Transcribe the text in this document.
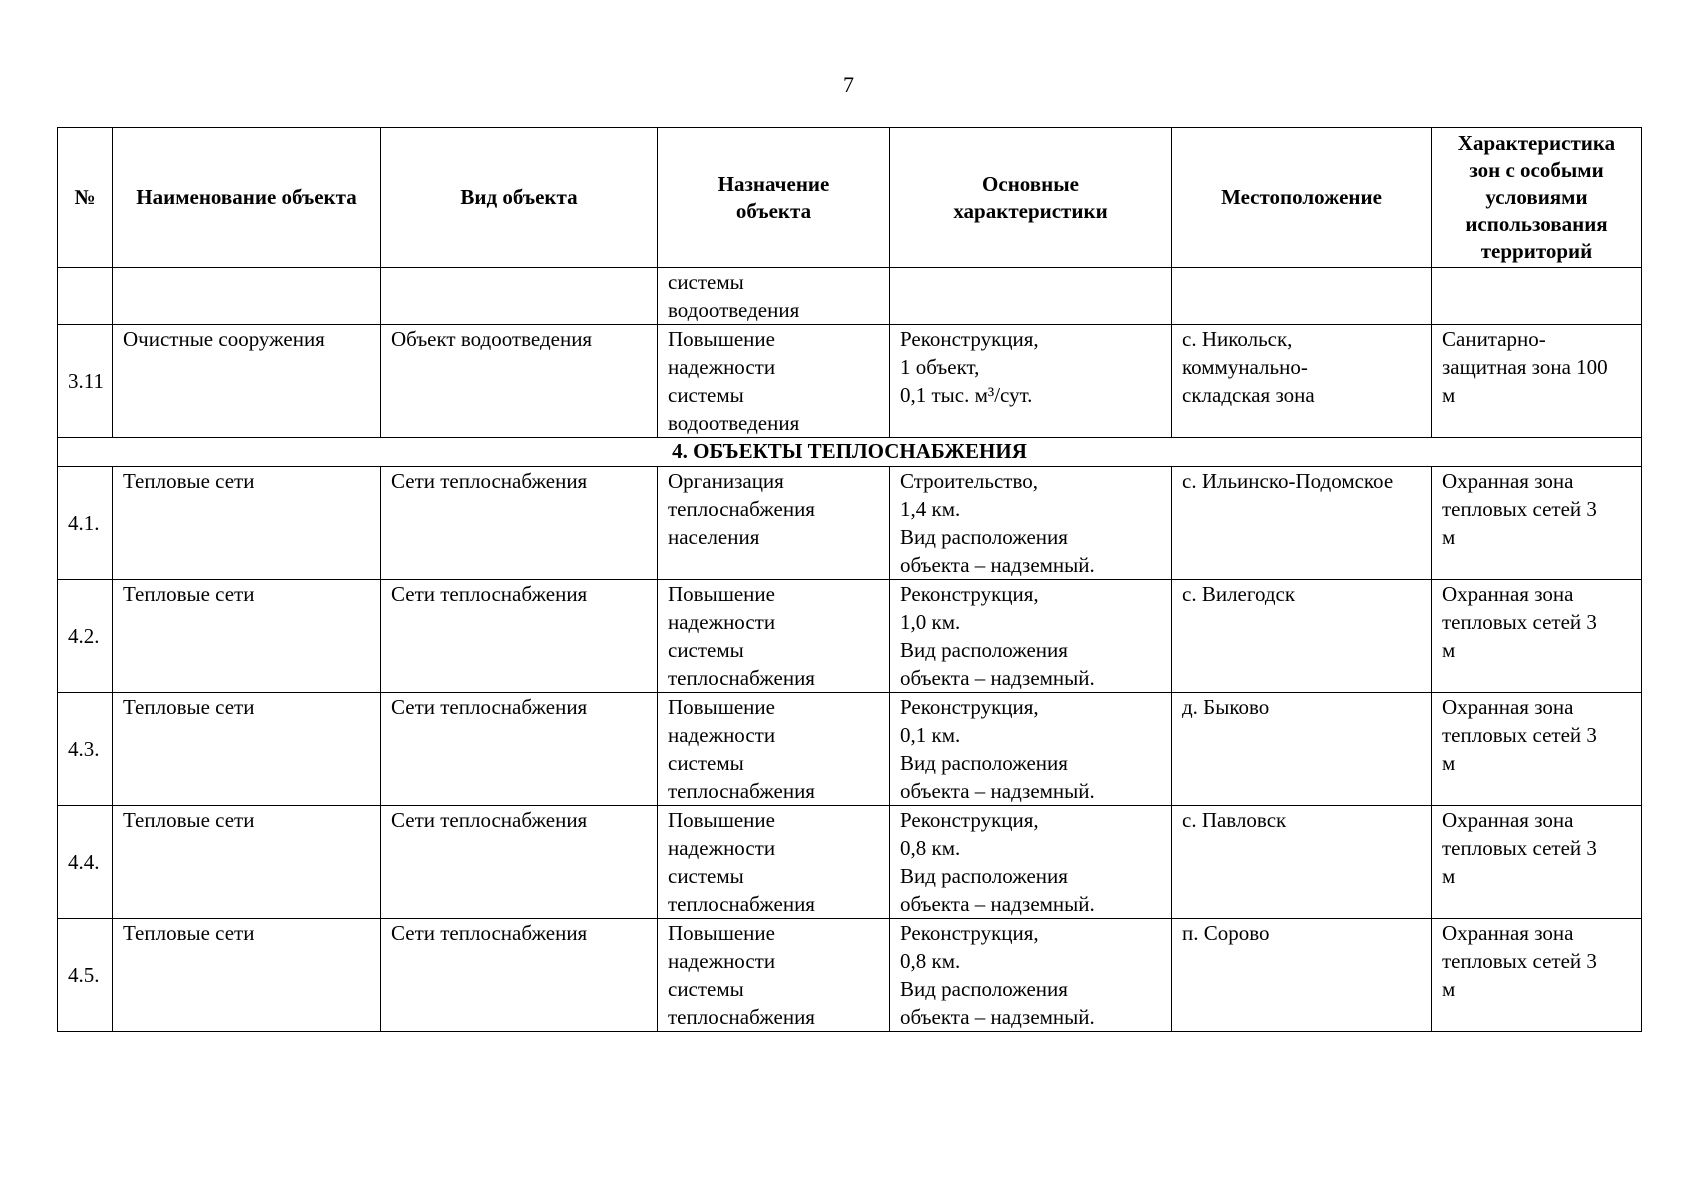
7
№	Наименование объекта	Вид объекта	Назначение
объекта	Основные
характеристики	Местоположение	Характеристика
зон с особыми
условиями
использования
территорий

			системы
водоотведения			

3.11	Очистные сооружения	Объект водоотведения	Повышение
надежности
системы
водоотведения	Реконструкция,
1 объект,
0,1 тыс. м³/сут.	с. Никольск,
коммунально-
складская зона	Санитарно-
защитная зона 100
м

4. ОБЪЕКТЫ ТЕПЛОСНАБЖЕНИЯ						
4.1.	Тепловые сети	Сети теплоснабжения	Организация
теплоснабжения
населения	Строительство,
1,4 км.
Вид расположения
объекта – надземный.	с. Ильинско-Подомское	Охранная зона
тепловых сетей 3
м

4.2.	Тепловые сети	Сети теплоснабжения	Повышение
надежности
системы
теплоснабжения	Реконструкция,
1,0 км.
Вид расположения
объекта – надземный.	с. Вилегодск	Охранная зона
тепловых сетей 3
м

4.3.	Тепловые сети	Сети теплоснабжения	Повышение
надежности
системы
теплоснабжения	Реконструкция,
0,1 км.
Вид расположения
объекта – надземный.	д. Быково	Охранная зона
тепловых сетей 3
м

4.4.	Тепловые сети	Сети теплоснабжения	Повышение
надежности
системы
теплоснабжения	Реконструкция,
0,8 км.
Вид расположения
объекта – надземный.	с. Павловск	Охранная зона
тепловых сетей 3
м

4.5.	Тепловые сети	Сети теплоснабжения	Повышение
надежности
системы
теплоснабжения	Реконструкция,
0,8 км.
Вид расположения
объекта – надземный.	п. Сорово	Охранная зона
тепловых сетей 3
м
